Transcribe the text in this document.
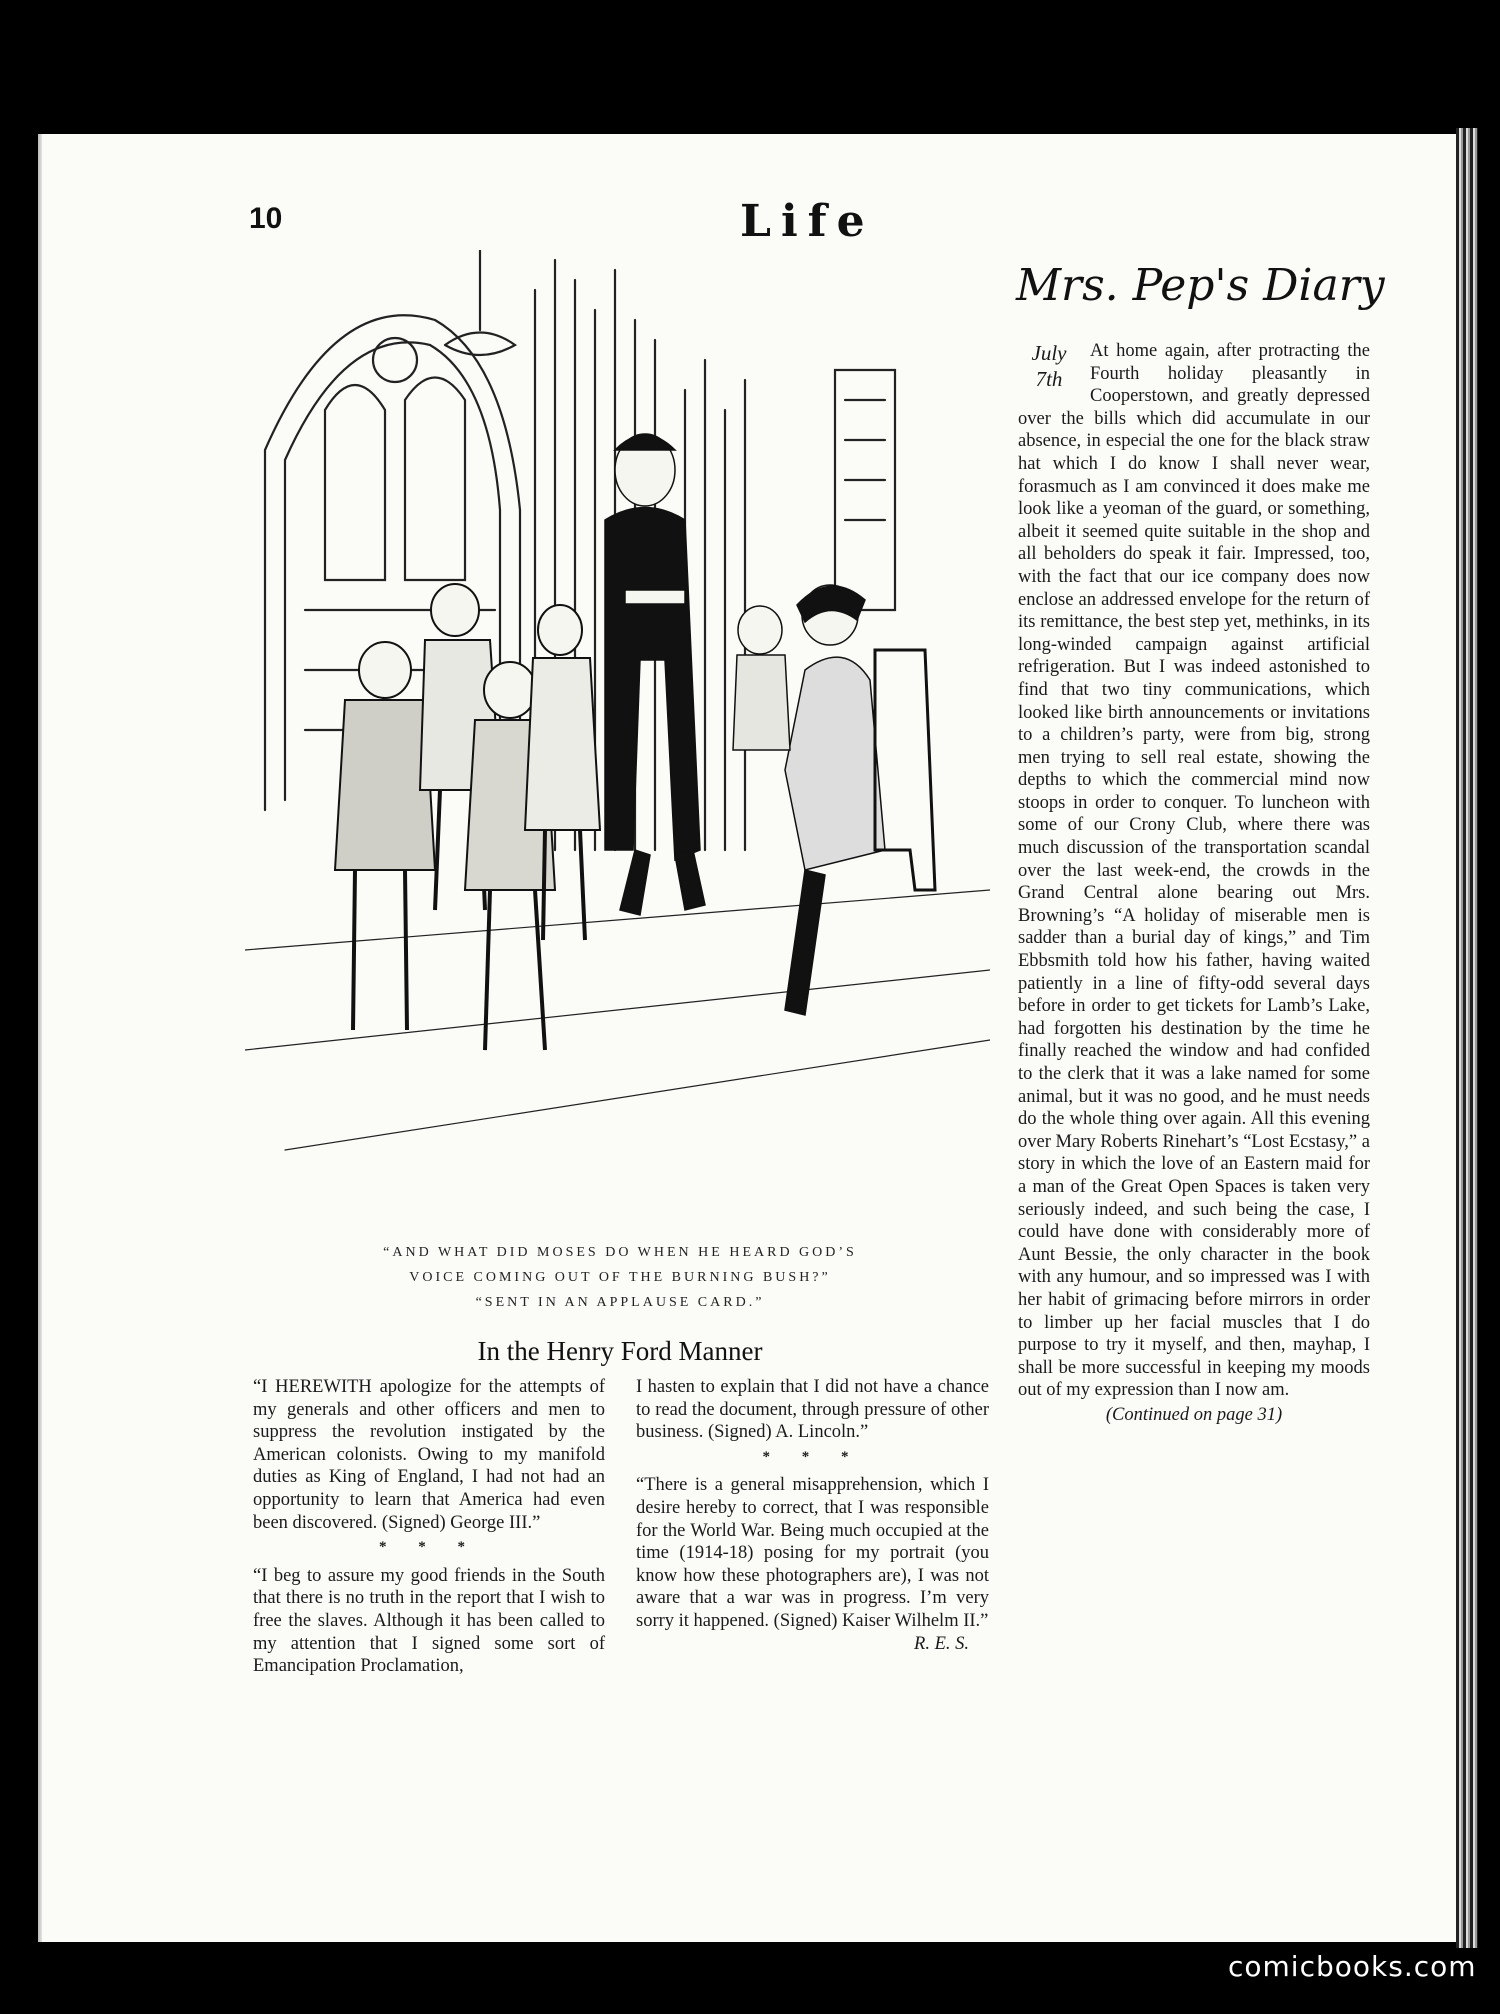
10	Life
Mrs. Pep's Diary
“AND WHAT DID MOSES DO WHEN HE HEARD GOD’S
VOICE COMING OUT OF THE BURNING BUSH?”
“SENT IN AN APPLAUSE CARD.”
In the Henry Ford Manner

“I HEREWITH apologize for the attempts of my generals and other officers and men to suppress the revolution instigated by the American colonists. Owing to my manifold duties as King of England, I had not had an opportunity to learn that America had even been discovered. (Signed) George III.”

* * *

“I beg to assure my good friends in the South that there is no truth in the report that I wish to free the slaves. Although it has been called to my attention that I signed some sort of Emancipation Proclamation,

I hasten to explain that I did not have a chance to read the document, through pressure of other business. (Signed) A. Lincoln.”

* * *

“There is a general misapprehension, which I desire hereby to correct, that I was responsible for the World War. Being much occupied at the time (1914-18) posing for my portrait (you know how these photographers are), I was not aware that a war was in progress. I’m very sorry it happened. (Signed) Kaiser Wilhelm II.”

R. E. S.
July
7th

At home again, after protracting the Fourth holiday pleasantly in Cooperstown, and greatly depressed over the bills which did accumulate in our absence, in especial the one for the black straw hat which I do know I shall never wear, forasmuch as I am convinced it does make me look like a yeoman of the guard, or something, albeit it seemed quite suitable in the shop and all beholders do speak it fair. Impressed, too, with the fact that our ice company does now enclose an addressed envelope for the return of its remittance, the best step yet, methinks, in its long-winded campaign against artificial refrigeration. But I was indeed astonished to find that two tiny communications, which looked like birth announcements or invitations to a children’s party, were from big, strong men trying to sell real estate, showing the depths to which the commercial mind now stoops in order to conquer. To luncheon with some of our Crony Club, where there was much discussion of the transportation scandal over the last week-end, the crowds in the Grand Central alone bearing out Mrs. Browning’s “A holiday of miserable men is sadder than a burial day of kings,” and Tim Ebbsmith told how his father, having waited patiently in a line of fifty-odd several days before in order to get tickets for Lamb’s Lake, had forgotten his destination by the time he finally reached the window and had confided to the clerk that it was a lake named for some animal, but it was no good, and he must needs do the whole thing over again. All this evening over Mary Roberts Rinehart’s “Lost Ecstasy,” a story in which the love of an Eastern maid for a man of the Great Open Spaces is taken very seriously indeed, and such being the case, I could have done with considerably more of Aunt Bessie, the only character in the book with any humour, and so impressed was I with her habit of grimacing before mirrors in order to limber up her facial muscles that I do purpose to try it myself, and then, mayhap, I shall be more successful in keeping my moods out of my expression than I now am.

(Continued on page 31)
comicbooks.com
